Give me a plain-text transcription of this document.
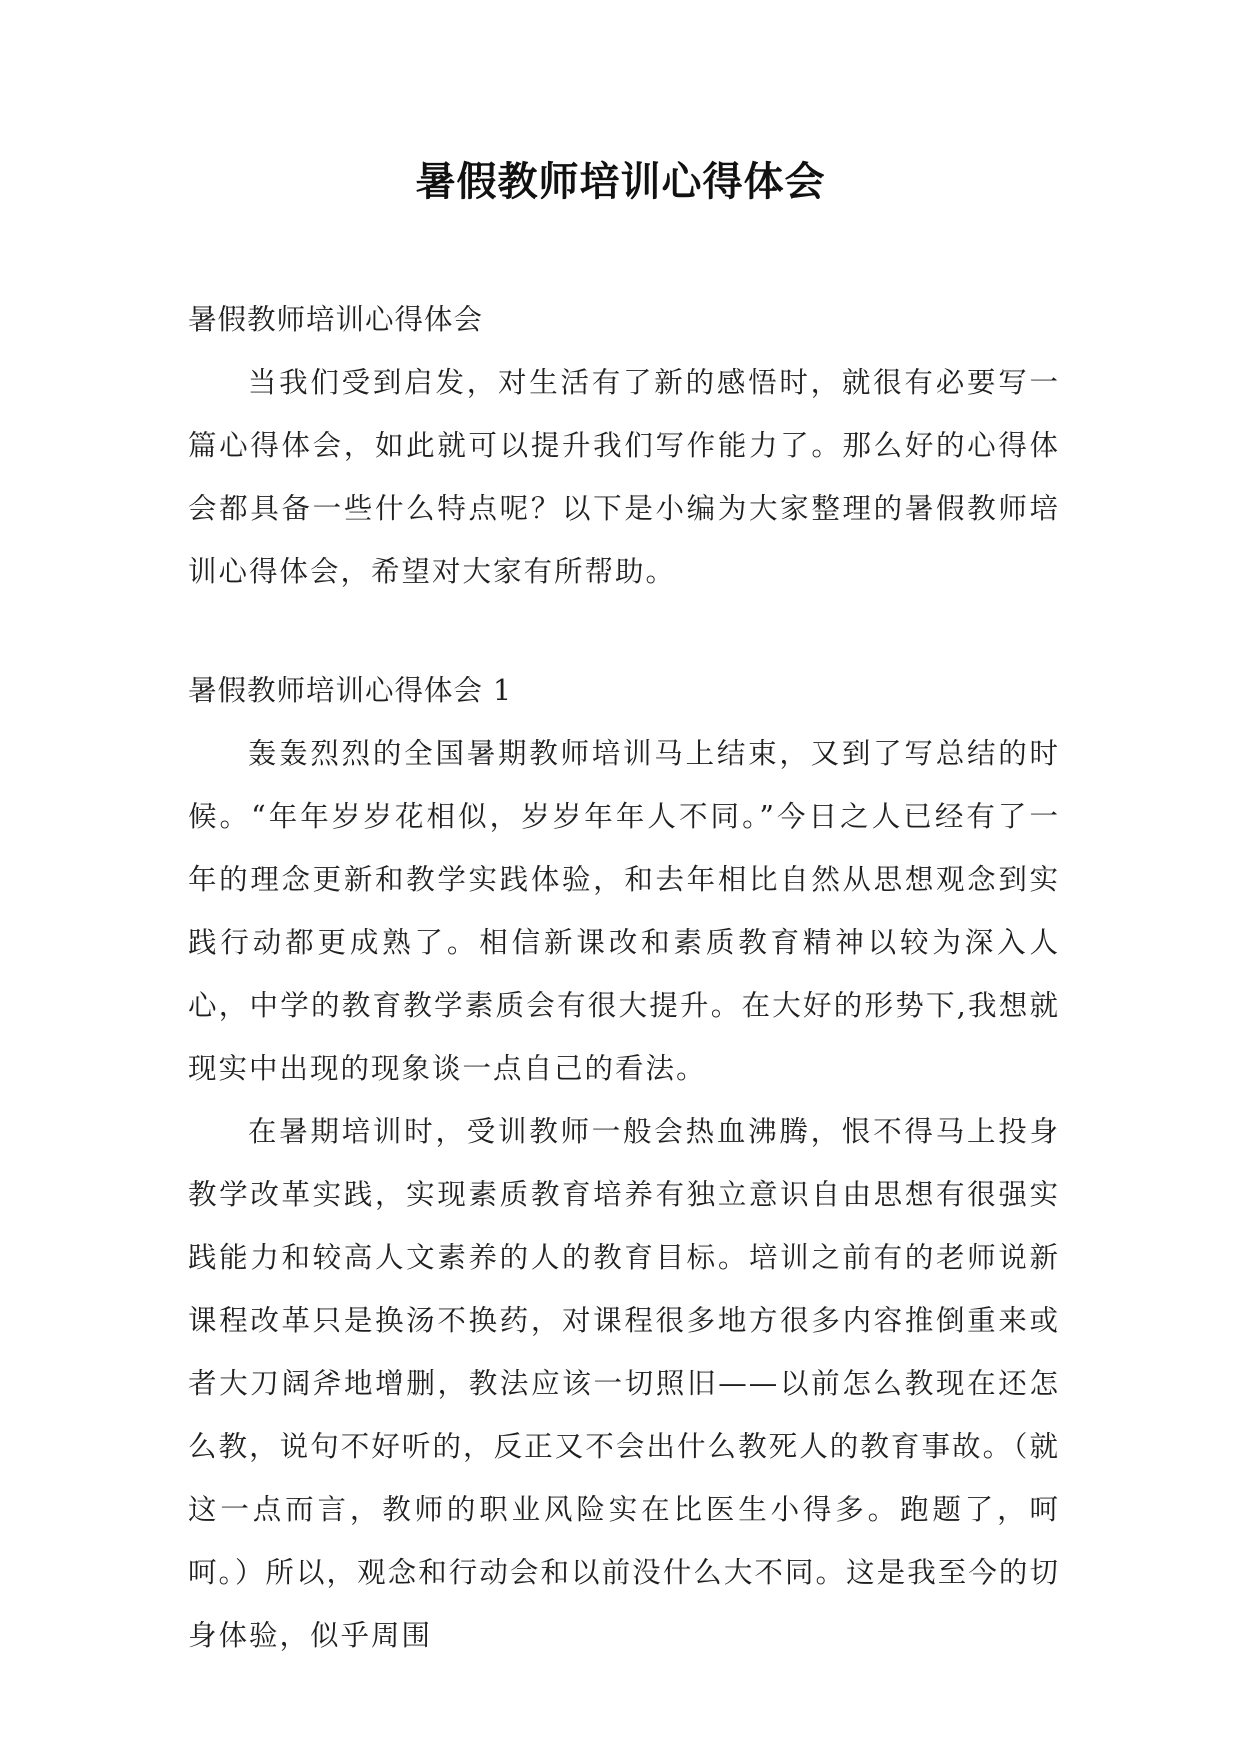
暑假教师培训心得体会

暑假教师培训心得体会

当我们受到启发，对生活有了新的感悟时，就很有必要写一篇心得体会，如此就可以提升我们写作能力了。那么好的心得体会都具备一些什么特点呢？以下是小编为大家整理的暑假教师培训心得体会，希望对大家有所帮助。

暑假教师培训心得体会 1

轰轰烈烈的全国暑期教师培训马上结束，又到了写总结的时候。“年年岁岁花相似，岁岁年年人不同。”今日之人已经有了一年的理念更新和教学实践体验，和去年相比自然从思想观念到实践行动都更成熟了。相信新课改和素质教育精神以较为深入人心，中学的教育教学素质会有很大提升。在大好的形势下,我想就现实中出现的现象谈一点自己的看法。

在暑期培训时，受训教师一般会热血沸腾，恨不得马上投身教学改革实践，实现素质教育培养有独立意识自由思想有很强实践能力和较高人文素养的人的教育目标。培训之前有的老师说新课程改革只是换汤不换药，对课程很多地方很多内容推倒重来或者大刀阔斧地增删，教法应该一切照旧——以前怎么教现在还怎么教，说句不好听的，反正又不会出什么教死人的教育事故。（就这一点而言，教师的职业风险实在比医生小得多。跑题了，呵呵。）所以，观念和行动会和以前没什么大不同。这是我至今的切身体验，似乎周围
